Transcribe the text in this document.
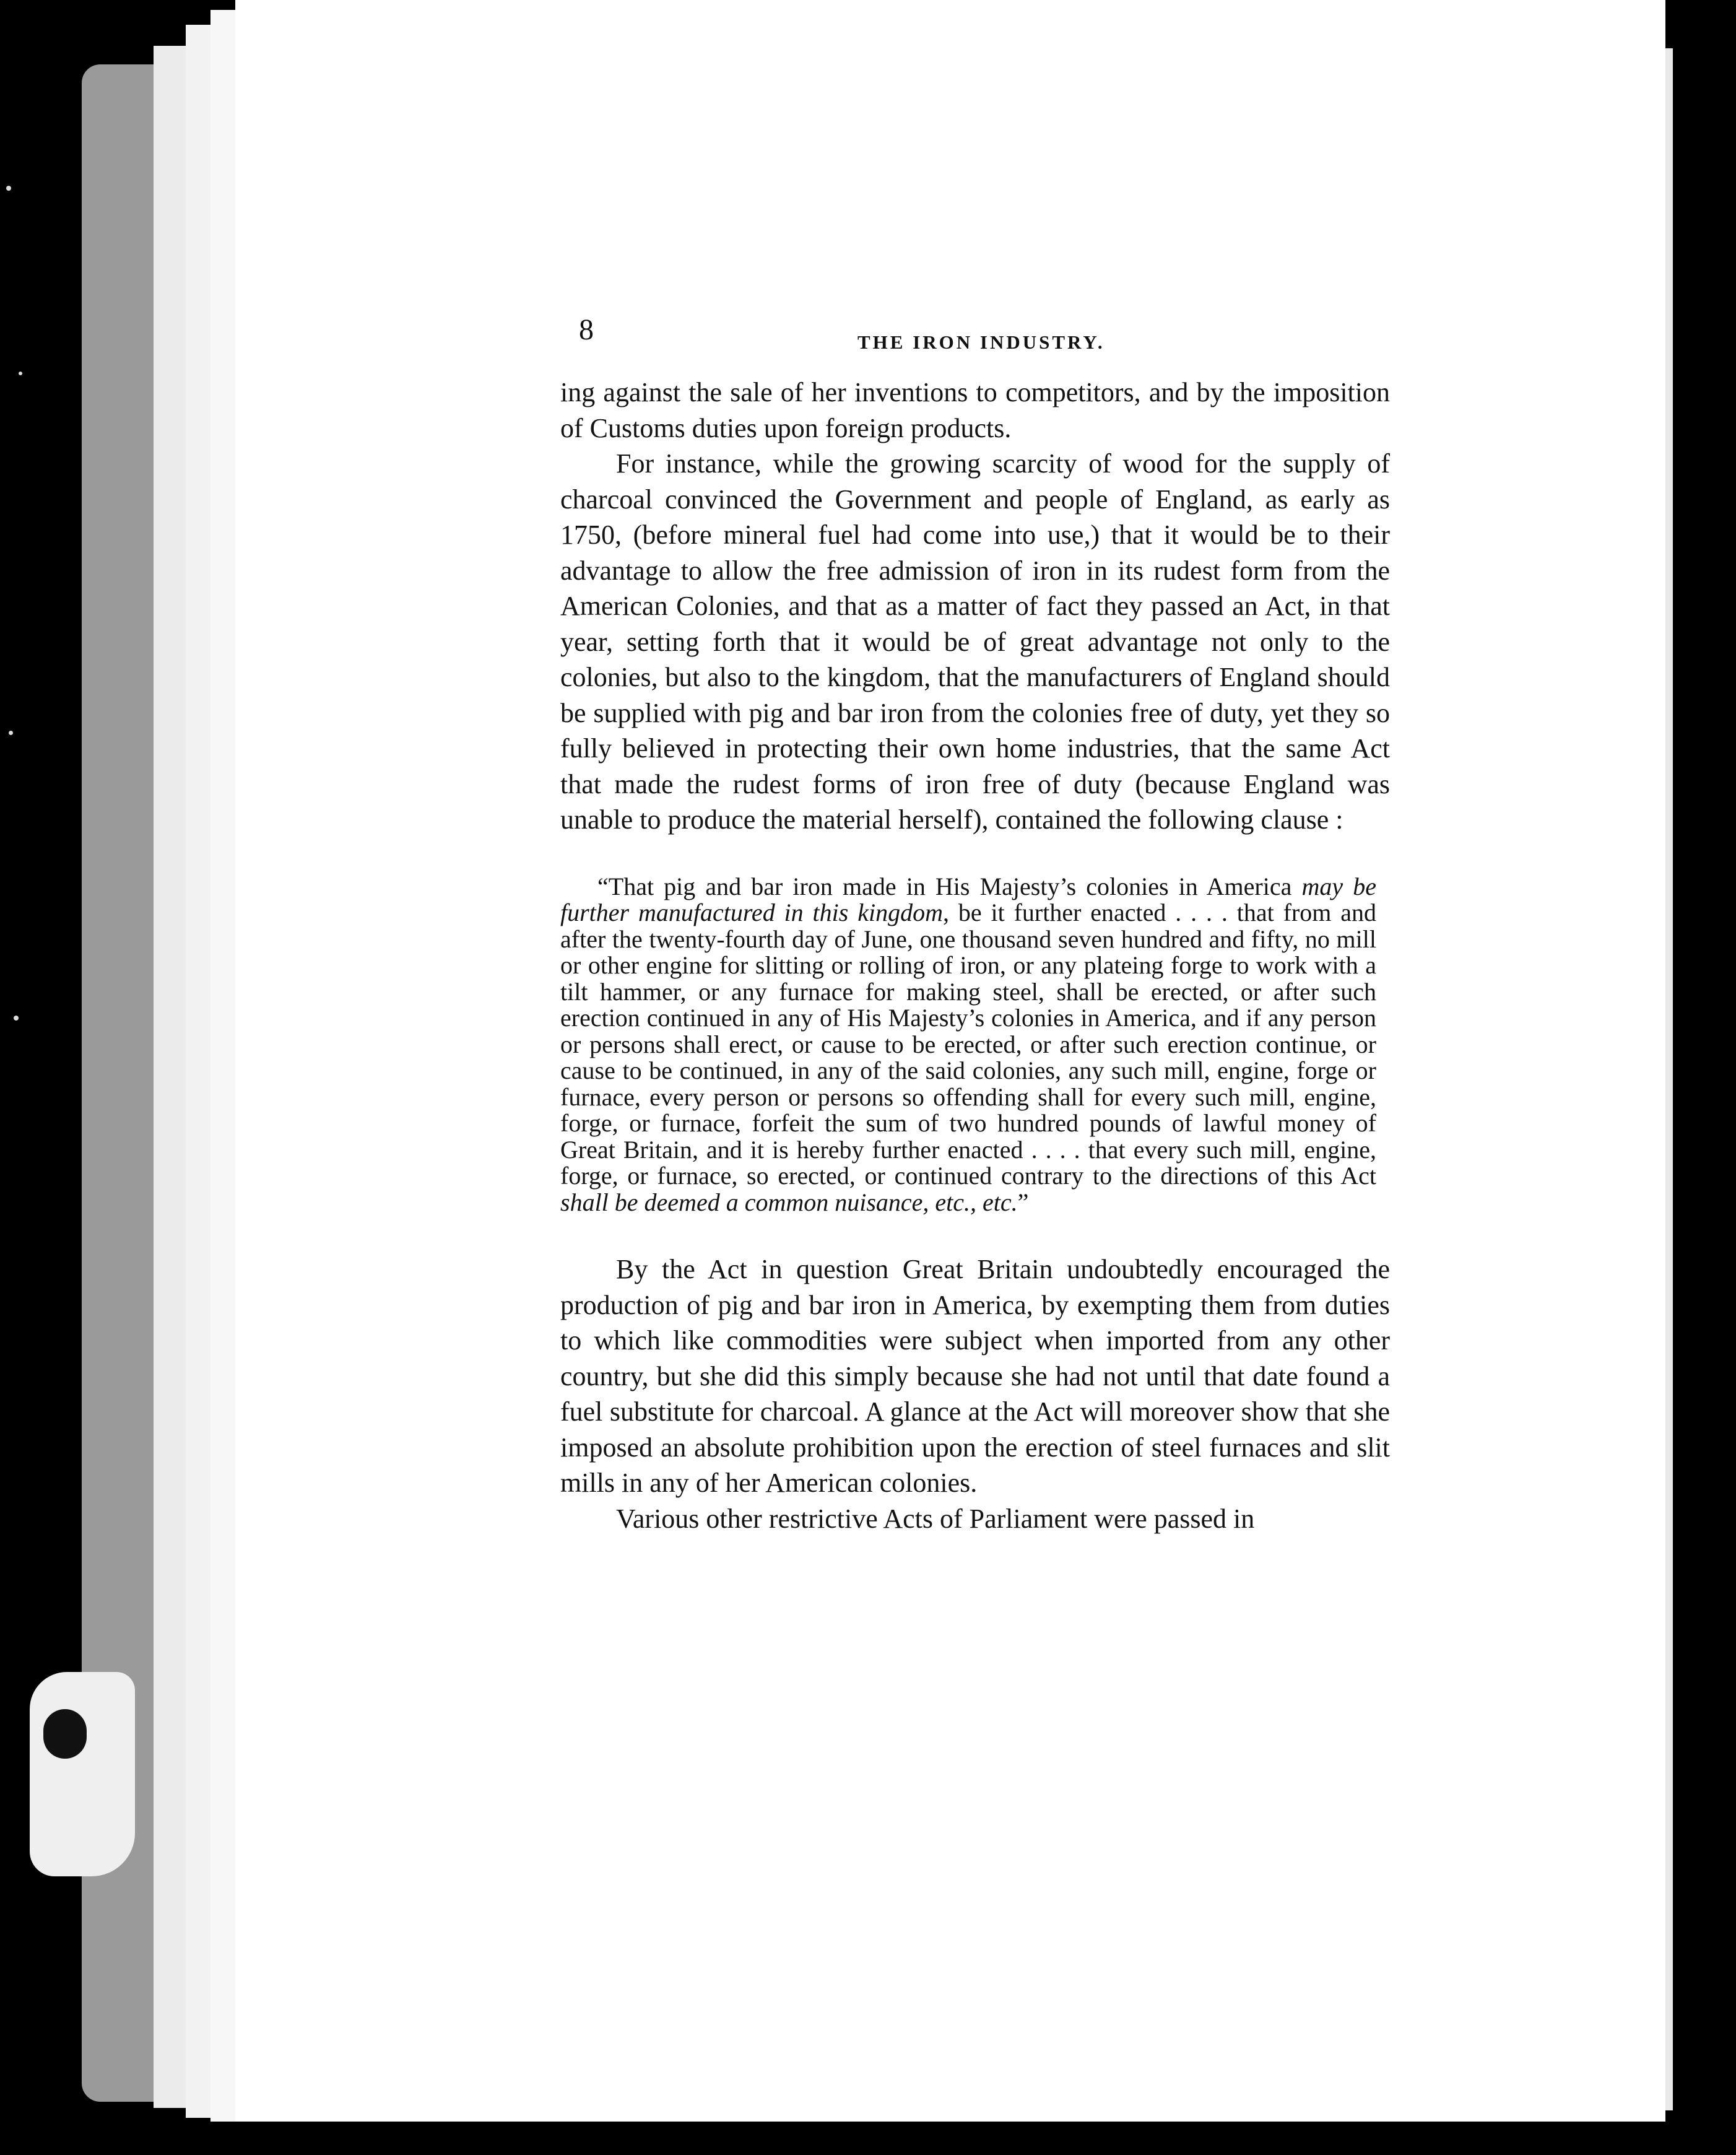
8	THE IRON INDUSTRY.

ing against the sale of her inventions to competitors, and by the imposition of Customs duties upon foreign products.

For instance, while the growing scarcity of wood for the supply of charcoal convinced the Government and people of England, as early as 1750, (before mineral fuel had come into use,) that it would be to their advantage to allow the free admission of iron in its rudest form from the American Colonies, and that as a matter of fact they passed an Act, in that year, setting forth that it would be of great advantage not only to the colonies, but also to the kingdom, that the manufacturers of England should be supplied with pig and bar iron from the colonies free of duty, yet they so fully believed in protecting their own home industries, that the same Act that made the rudest forms of iron free of duty (because England was unable to produce the material herself), contained the following clause :

“That pig and bar iron made in His Majesty’s colonies in America may be further manufactured in this kingdom, be it further enacted . . . . that from and after the twenty-fourth day of June, one thousand seven hundred and fifty, no mill or other engine for slitting or rolling of iron, or any plateing forge to work with a tilt hammer, or any furnace for making steel, shall be erected, or after such erection continued in any of His Majesty’s colonies in America, and if any person or persons shall erect, or cause to be erected, or after such erection continue, or cause to be continued, in any of the said colonies, any such mill, engine, forge or furnace, every person or persons so offending shall for every such mill, engine, forge, or furnace, forfeit the sum of two hundred pounds of lawful money of Great Britain, and it is hereby further enacted . . . . that every such mill, engine, forge, or furnace, so erected, or continued contrary to the directions of this Act shall be deemed a common nuisance, etc., etc.”

By the Act in question Great Britain undoubtedly encouraged the production of pig and bar iron in America, by exempting them from duties to which like commodities were subject when imported from any other country, but she did this simply because she had not until that date found a fuel substitute for charcoal. A glance at the Act will moreover show that she imposed an absolute prohibition upon the erection of steel furnaces and slit mills in any of her American colonies.

Various other restrictive Acts of Parliament were passed in
